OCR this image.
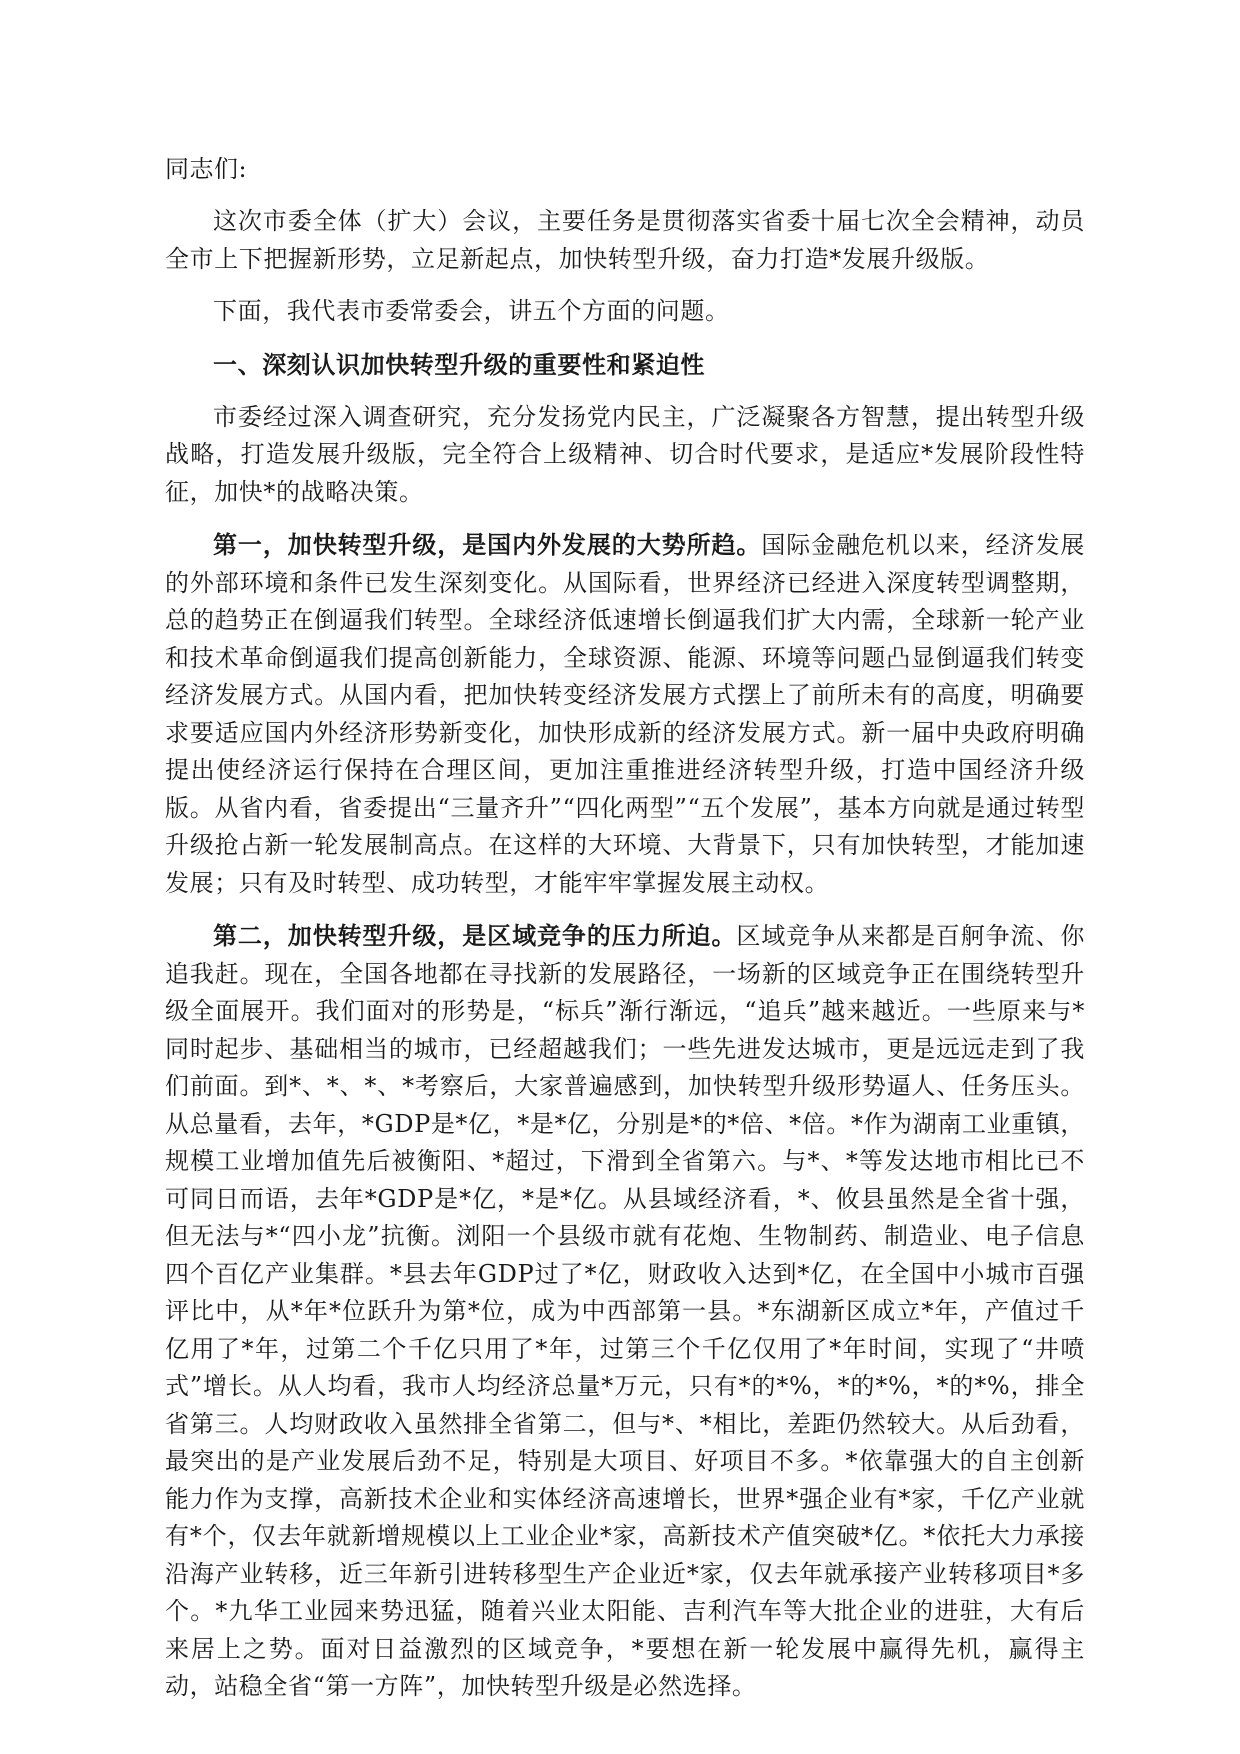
同志们:

这次市委全体（扩大）会议，主要任务是贯彻落实省委十届七次全会精神，动员全市上下把握新形势，立足新起点，加快转型升级，奋力打造*发展升级版。

下面，我代表市委常委会，讲五个方面的问题。

一、深刻认识加快转型升级的重要性和紧迫性

市委经过深入调查研究，充分发扬党内民主，广泛凝聚各方智慧，提出转型升级战略，打造发展升级版，完全符合上级精神、切合时代要求，是适应*发展阶段性特征，加快*的战略决策。

第一，加快转型升级，是国内外发展的大势所趋。国际金融危机以来，经济发展的外部环境和条件已发生深刻变化。从国际看，世界经济已经进入深度转型调整期，总的趋势正在倒逼我们转型。全球经济低速增长倒逼我们扩大内需，全球新一轮产业和技术革命倒逼我们提高创新能力，全球资源、能源、环境等问题凸显倒逼我们转变经济发展方式。从国内看，把加快转变经济发展方式摆上了前所未有的高度，明确要求要适应国内外经济形势新变化，加快形成新的经济发展方式。新一届中央政府明确提出使经济运行保持在合理区间，更加注重推进经济转型升级，打造中国经济升级版。从省内看，省委提出“三量齐升”“四化两型”“五个发展”，基本方向就是通过转型升级抢占新一轮发展制高点。在这样的大环境、大背景下，只有加快转型，才能加速发展；只有及时转型、成功转型，才能牢牢掌握发展主动权。

第二，加快转型升级，是区域竞争的压力所迫。区域竞争从来都是百舸争流、你追我赶。现在，全国各地都在寻找新的发展路径，一场新的区域竞争正在围绕转型升级全面展开。我们面对的形势是，“标兵”渐行渐远，“追兵”越来越近。一些原来与*同时起步、基础相当的城市，已经超越我们；一些先进发达城市，更是远远走到了我们前面。到*、*、*、*考察后，大家普遍感到，加快转型升级形势逼人、任务压头。从总量看，去年，*GDP是*亿，*是*亿，分别是*的*倍、*倍。*作为湖南工业重镇，规模工业增加值先后被衡阳、*超过，下滑到全省第六。与*、*等发达地市相比已不可同日而语，去年*GDP是*亿，*是*亿。从县域经济看，*、攸县虽然是全省十强，但无法与*“四小龙”抗衡。浏阳一个县级市就有花炮、生物制药、制造业、电子信息四个百亿产业集群。*县去年GDP过了*亿，财政收入达到*亿，在全国中小城市百强评比中，从*年*位跃升为第*位，成为中西部第一县。*东湖新区成立*年，产值过千亿用了*年，过第二个千亿只用了*年，过第三个千亿仅用了*年时间，实现了“井喷式”增长。从人均看，我市人均经济总量*万元，只有*的*%，*的*%，*的*%，排全省第三。人均财政收入虽然排全省第二，但与*、*相比，差距仍然较大。从后劲看，最突出的是产业发展后劲不足，特别是大项目、好项目不多。*依靠强大的自主创新能力作为支撑，高新技术企业和实体经济高速增长，世界*强企业有*家，千亿产业就有*个，仅去年就新增规模以上工业企业*家，高新技术产值突破*亿。*依托大力承接沿海产业转移，近三年新引进转移型生产企业近*家，仅去年就承接产业转移项目*多个。*九华工业园来势迅猛，随着兴业太阳能、吉利汽车等大批企业的进驻，大有后来居上之势。面对日益激烈的区域竞争，*要想在新一轮发展中赢得先机，赢得主动，站稳全省“第一方阵”，加快转型升级是必然选择。
